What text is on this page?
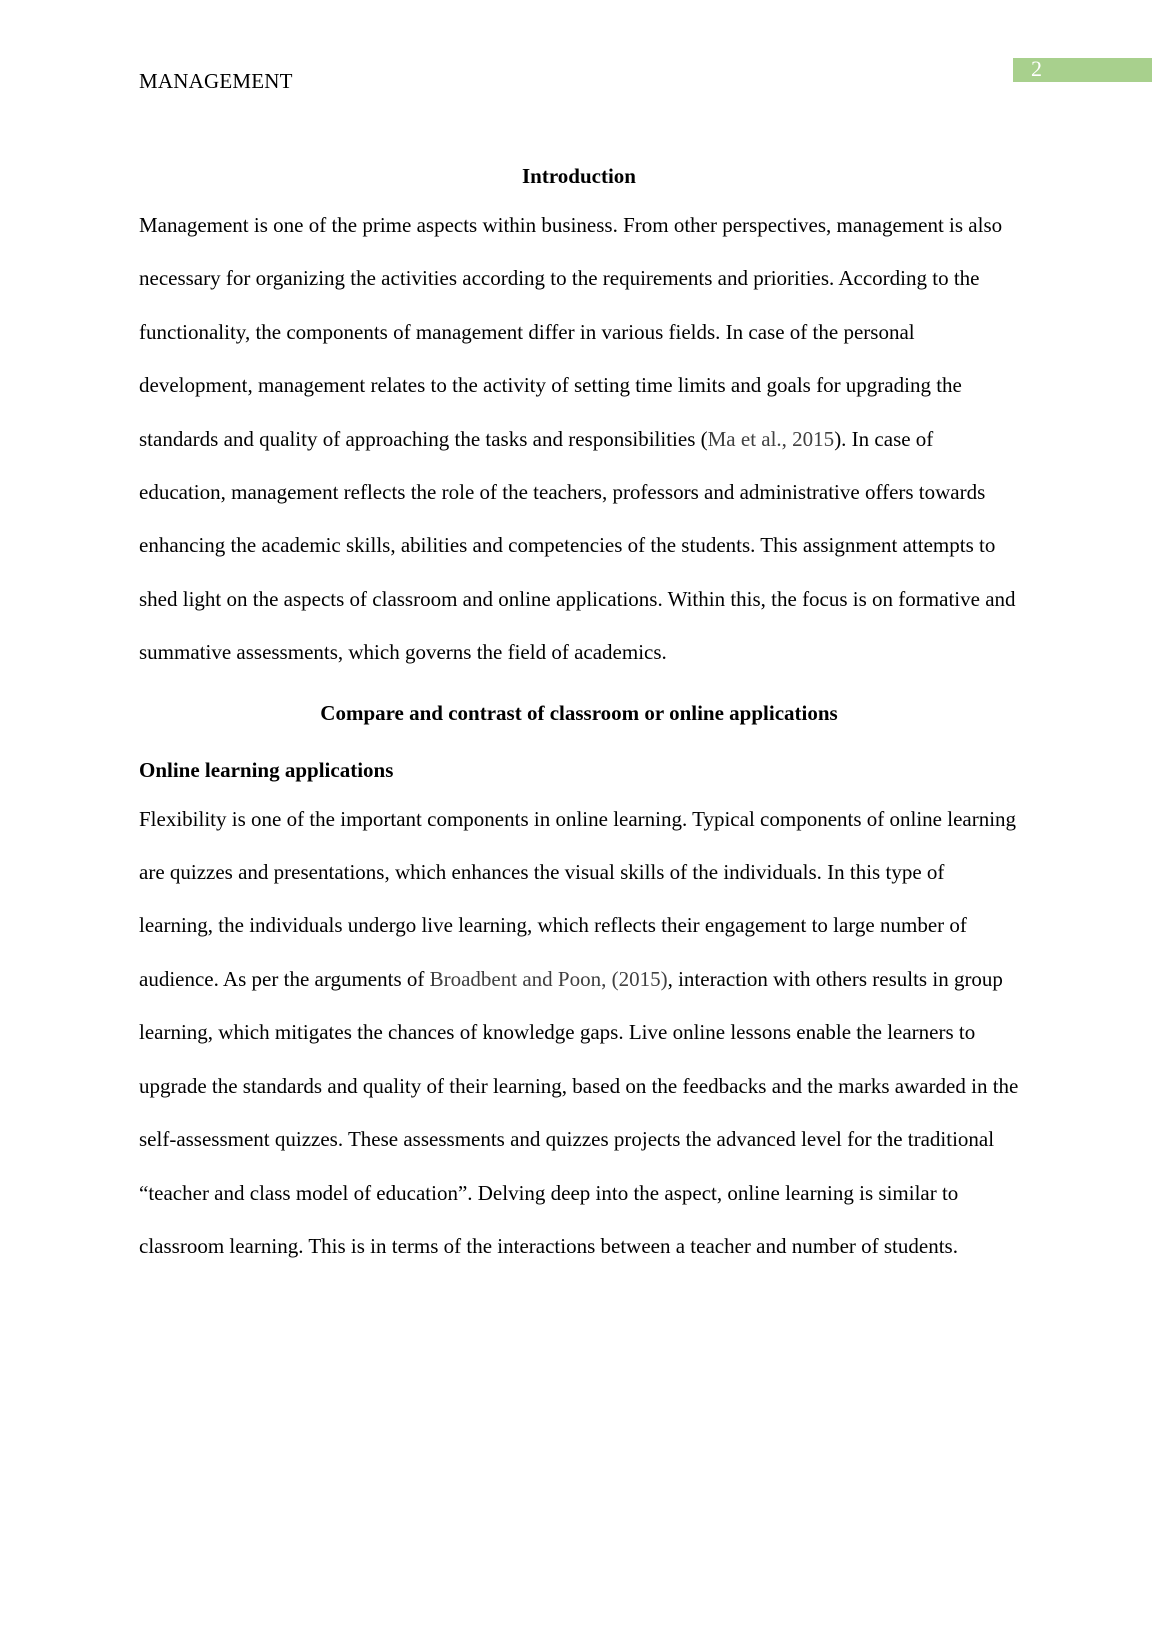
2
MANAGEMENT
Introduction

Management is one of the prime aspects within business. From other perspectives, management is also necessary for organizing the activities according to the requirements and priorities. According to the functionality, the components of management differ in various fields. In case of the personal development, management relates to the activity of setting time limits and goals for upgrading the standards and quality of approaching the tasks and responsibilities (Ma et al., 2015). In case of education, management reflects the role of the teachers, professors and administrative offers towards enhancing the academic skills, abilities and competencies of the students. This assignment attempts to shed light on the aspects of classroom and online applications. Within this, the focus is on formative and summative assessments, which governs the field of academics.

Compare and contrast of classroom or online applications
Online learning applications

Flexibility is one of the important components in online learning. Typical components of online learning are quizzes and presentations, which enhances the visual skills of the individuals. In this type of learning, the individuals undergo live learning, which reflects their engagement to large number of audience. As per the arguments of Broadbent and Poon, (2015), interaction with others results in group learning, which mitigates the chances of knowledge gaps. Live online lessons enable the learners to upgrade the standards and quality of their learning, based on the feedbacks and the marks awarded in the self-assessment quizzes. These assessments and quizzes projects the advanced level for the traditional “teacher and class model of education”. Delving deep into the aspect, online learning is similar to classroom learning. This is in terms of the interactions between a teacher and number of students.
